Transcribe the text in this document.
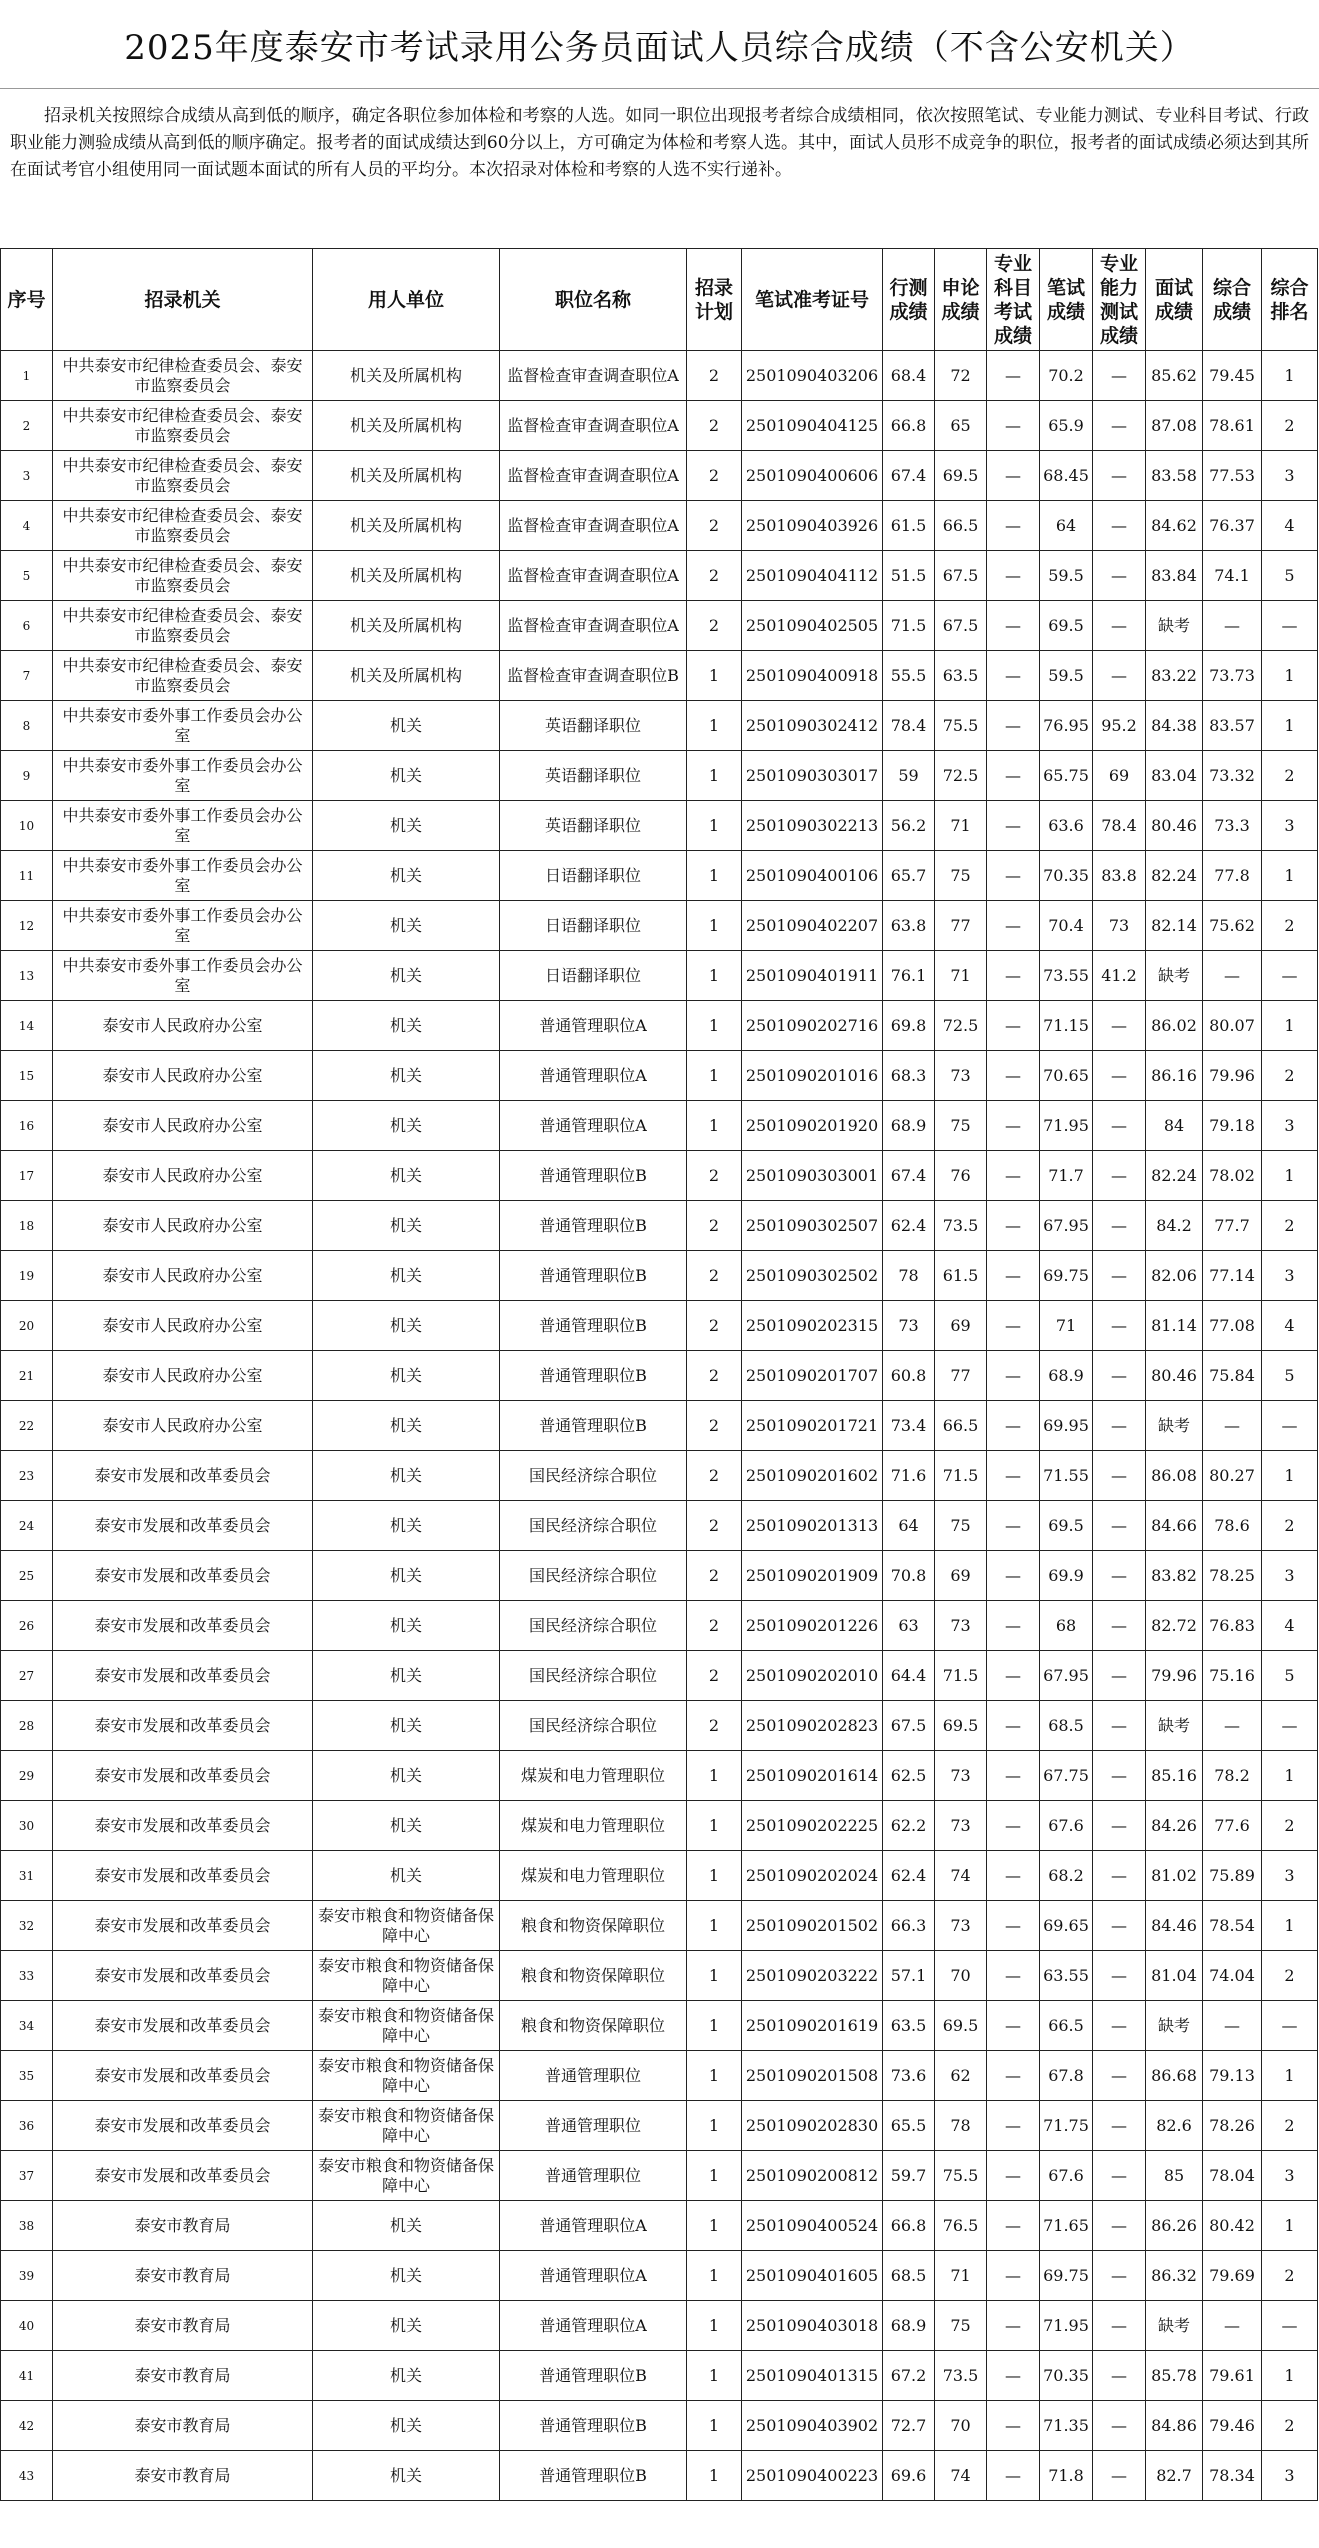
2025年度泰安市考试录用公务员面试人员综合成绩（不含公安机关）
招录机关按照综合成绩从高到低的顺序，确定各职位参加体检和考察的人选。如同一职位出现报考者综合成绩相同，依次按照笔试、专业能力测试、专业科目考试、行政职业能力测验成绩从高到低的顺序确定。报考者的面试成绩达到60分以上，方可确定为体检和考察人选。其中，面试人员形不成竞争的职位，报考者的面试成绩必须达到其所在面试考官小组使用同一面试题本面试的所有人员的平均分。本次招录对体检和考察的人选不实行递补。
序号	招录机关	用人单位	职位名称	招录计划	笔试准考证号	行测成绩	申论成绩	专业科目考试成绩	笔试成绩	专业能力测试成绩	面试成绩	综合成绩	综合排名
1	中共泰安市纪律检查委员会、泰安市监察委员会	机关及所属机构	监督检查审查调查职位A	2	2501090403206	68.4	72	—	70.2	—	85.62	79.45	1
2	中共泰安市纪律检查委员会、泰安市监察委员会	机关及所属机构	监督检查审查调查职位A	2	2501090404125	66.8	65	—	65.9	—	87.08	78.61	2
3	中共泰安市纪律检查委员会、泰安市监察委员会	机关及所属机构	监督检查审查调查职位A	2	2501090400606	67.4	69.5	—	68.45	—	83.58	77.53	3
4	中共泰安市纪律检查委员会、泰安市监察委员会	机关及所属机构	监督检查审查调查职位A	2	2501090403926	61.5	66.5	—	64	—	84.62	76.37	4
5	中共泰安市纪律检查委员会、泰安市监察委员会	机关及所属机构	监督检查审查调查职位A	2	2501090404112	51.5	67.5	—	59.5	—	83.84	74.1	5
6	中共泰安市纪律检查委员会、泰安市监察委员会	机关及所属机构	监督检查审查调查职位A	2	2501090402505	71.5	67.5	—	69.5	—	缺考	—	—
7	中共泰安市纪律检查委员会、泰安市监察委员会	机关及所属机构	监督检查审查调查职位B	1	2501090400918	55.5	63.5	—	59.5	—	83.22	73.73	1
8	中共泰安市委外事工作委员会办公室	机关	英语翻译职位	1	2501090302412	78.4	75.5	—	76.95	95.2	84.38	83.57	1
9	中共泰安市委外事工作委员会办公室	机关	英语翻译职位	1	2501090303017	59	72.5	—	65.75	69	83.04	73.32	2
10	中共泰安市委外事工作委员会办公室	机关	英语翻译职位	1	2501090302213	56.2	71	—	63.6	78.4	80.46	73.3	3
11	中共泰安市委外事工作委员会办公室	机关	日语翻译职位	1	2501090400106	65.7	75	—	70.35	83.8	82.24	77.8	1
12	中共泰安市委外事工作委员会办公室	机关	日语翻译职位	1	2501090402207	63.8	77	—	70.4	73	82.14	75.62	2
13	中共泰安市委外事工作委员会办公室	机关	日语翻译职位	1	2501090401911	76.1	71	—	73.55	41.2	缺考	—	—
14	泰安市人民政府办公室	机关	普通管理职位A	1	2501090202716	69.8	72.5	—	71.15	—	86.02	80.07	1
15	泰安市人民政府办公室	机关	普通管理职位A	1	2501090201016	68.3	73	—	70.65	—	86.16	79.96	2
16	泰安市人民政府办公室	机关	普通管理职位A	1	2501090201920	68.9	75	—	71.95	—	84	79.18	3
17	泰安市人民政府办公室	机关	普通管理职位B	2	2501090303001	67.4	76	—	71.7	—	82.24	78.02	1
18	泰安市人民政府办公室	机关	普通管理职位B	2	2501090302507	62.4	73.5	—	67.95	—	84.2	77.7	2
19	泰安市人民政府办公室	机关	普通管理职位B	2	2501090302502	78	61.5	—	69.75	—	82.06	77.14	3
20	泰安市人民政府办公室	机关	普通管理职位B	2	2501090202315	73	69	—	71	—	81.14	77.08	4
21	泰安市人民政府办公室	机关	普通管理职位B	2	2501090201707	60.8	77	—	68.9	—	80.46	75.84	5
22	泰安市人民政府办公室	机关	普通管理职位B	2	2501090201721	73.4	66.5	—	69.95	—	缺考	—	—
23	泰安市发展和改革委员会	机关	国民经济综合职位	2	2501090201602	71.6	71.5	—	71.55	—	86.08	80.27	1
24	泰安市发展和改革委员会	机关	国民经济综合职位	2	2501090201313	64	75	—	69.5	—	84.66	78.6	2
25	泰安市发展和改革委员会	机关	国民经济综合职位	2	2501090201909	70.8	69	—	69.9	—	83.82	78.25	3
26	泰安市发展和改革委员会	机关	国民经济综合职位	2	2501090201226	63	73	—	68	—	82.72	76.83	4
27	泰安市发展和改革委员会	机关	国民经济综合职位	2	2501090202010	64.4	71.5	—	67.95	—	79.96	75.16	5
28	泰安市发展和改革委员会	机关	国民经济综合职位	2	2501090202823	67.5	69.5	—	68.5	—	缺考	—	—
29	泰安市发展和改革委员会	机关	煤炭和电力管理职位	1	2501090201614	62.5	73	—	67.75	—	85.16	78.2	1
30	泰安市发展和改革委员会	机关	煤炭和电力管理职位	1	2501090202225	62.2	73	—	67.6	—	84.26	77.6	2
31	泰安市发展和改革委员会	机关	煤炭和电力管理职位	1	2501090202024	62.4	74	—	68.2	—	81.02	75.89	3
32	泰安市发展和改革委员会	泰安市粮食和物资储备保障中心	粮食和物资保障职位	1	2501090201502	66.3	73	—	69.65	—	84.46	78.54	1
33	泰安市发展和改革委员会	泰安市粮食和物资储备保障中心	粮食和物资保障职位	1	2501090203222	57.1	70	—	63.55	—	81.04	74.04	2
34	泰安市发展和改革委员会	泰安市粮食和物资储备保障中心	粮食和物资保障职位	1	2501090201619	63.5	69.5	—	66.5	—	缺考	—	—
35	泰安市发展和改革委员会	泰安市粮食和物资储备保障中心	普通管理职位	1	2501090201508	73.6	62	—	67.8	—	86.68	79.13	1
36	泰安市发展和改革委员会	泰安市粮食和物资储备保障中心	普通管理职位	1	2501090202830	65.5	78	—	71.75	—	82.6	78.26	2
37	泰安市发展和改革委员会	泰安市粮食和物资储备保障中心	普通管理职位	1	2501090200812	59.7	75.5	—	67.6	—	85	78.04	3
38	泰安市教育局	机关	普通管理职位A	1	2501090400524	66.8	76.5	—	71.65	—	86.26	80.42	1
39	泰安市教育局	机关	普通管理职位A	1	2501090401605	68.5	71	—	69.75	—	86.32	79.69	2
40	泰安市教育局	机关	普通管理职位A	1	2501090403018	68.9	75	—	71.95	—	缺考	—	—
41	泰安市教育局	机关	普通管理职位B	1	2501090401315	67.2	73.5	—	70.35	—	85.78	79.61	1
42	泰安市教育局	机关	普通管理职位B	1	2501090403902	72.7	70	—	71.35	—	84.86	79.46	2
43	泰安市教育局	机关	普通管理职位B	1	2501090400223	69.6	74	—	71.8	—	82.7	78.34	3
